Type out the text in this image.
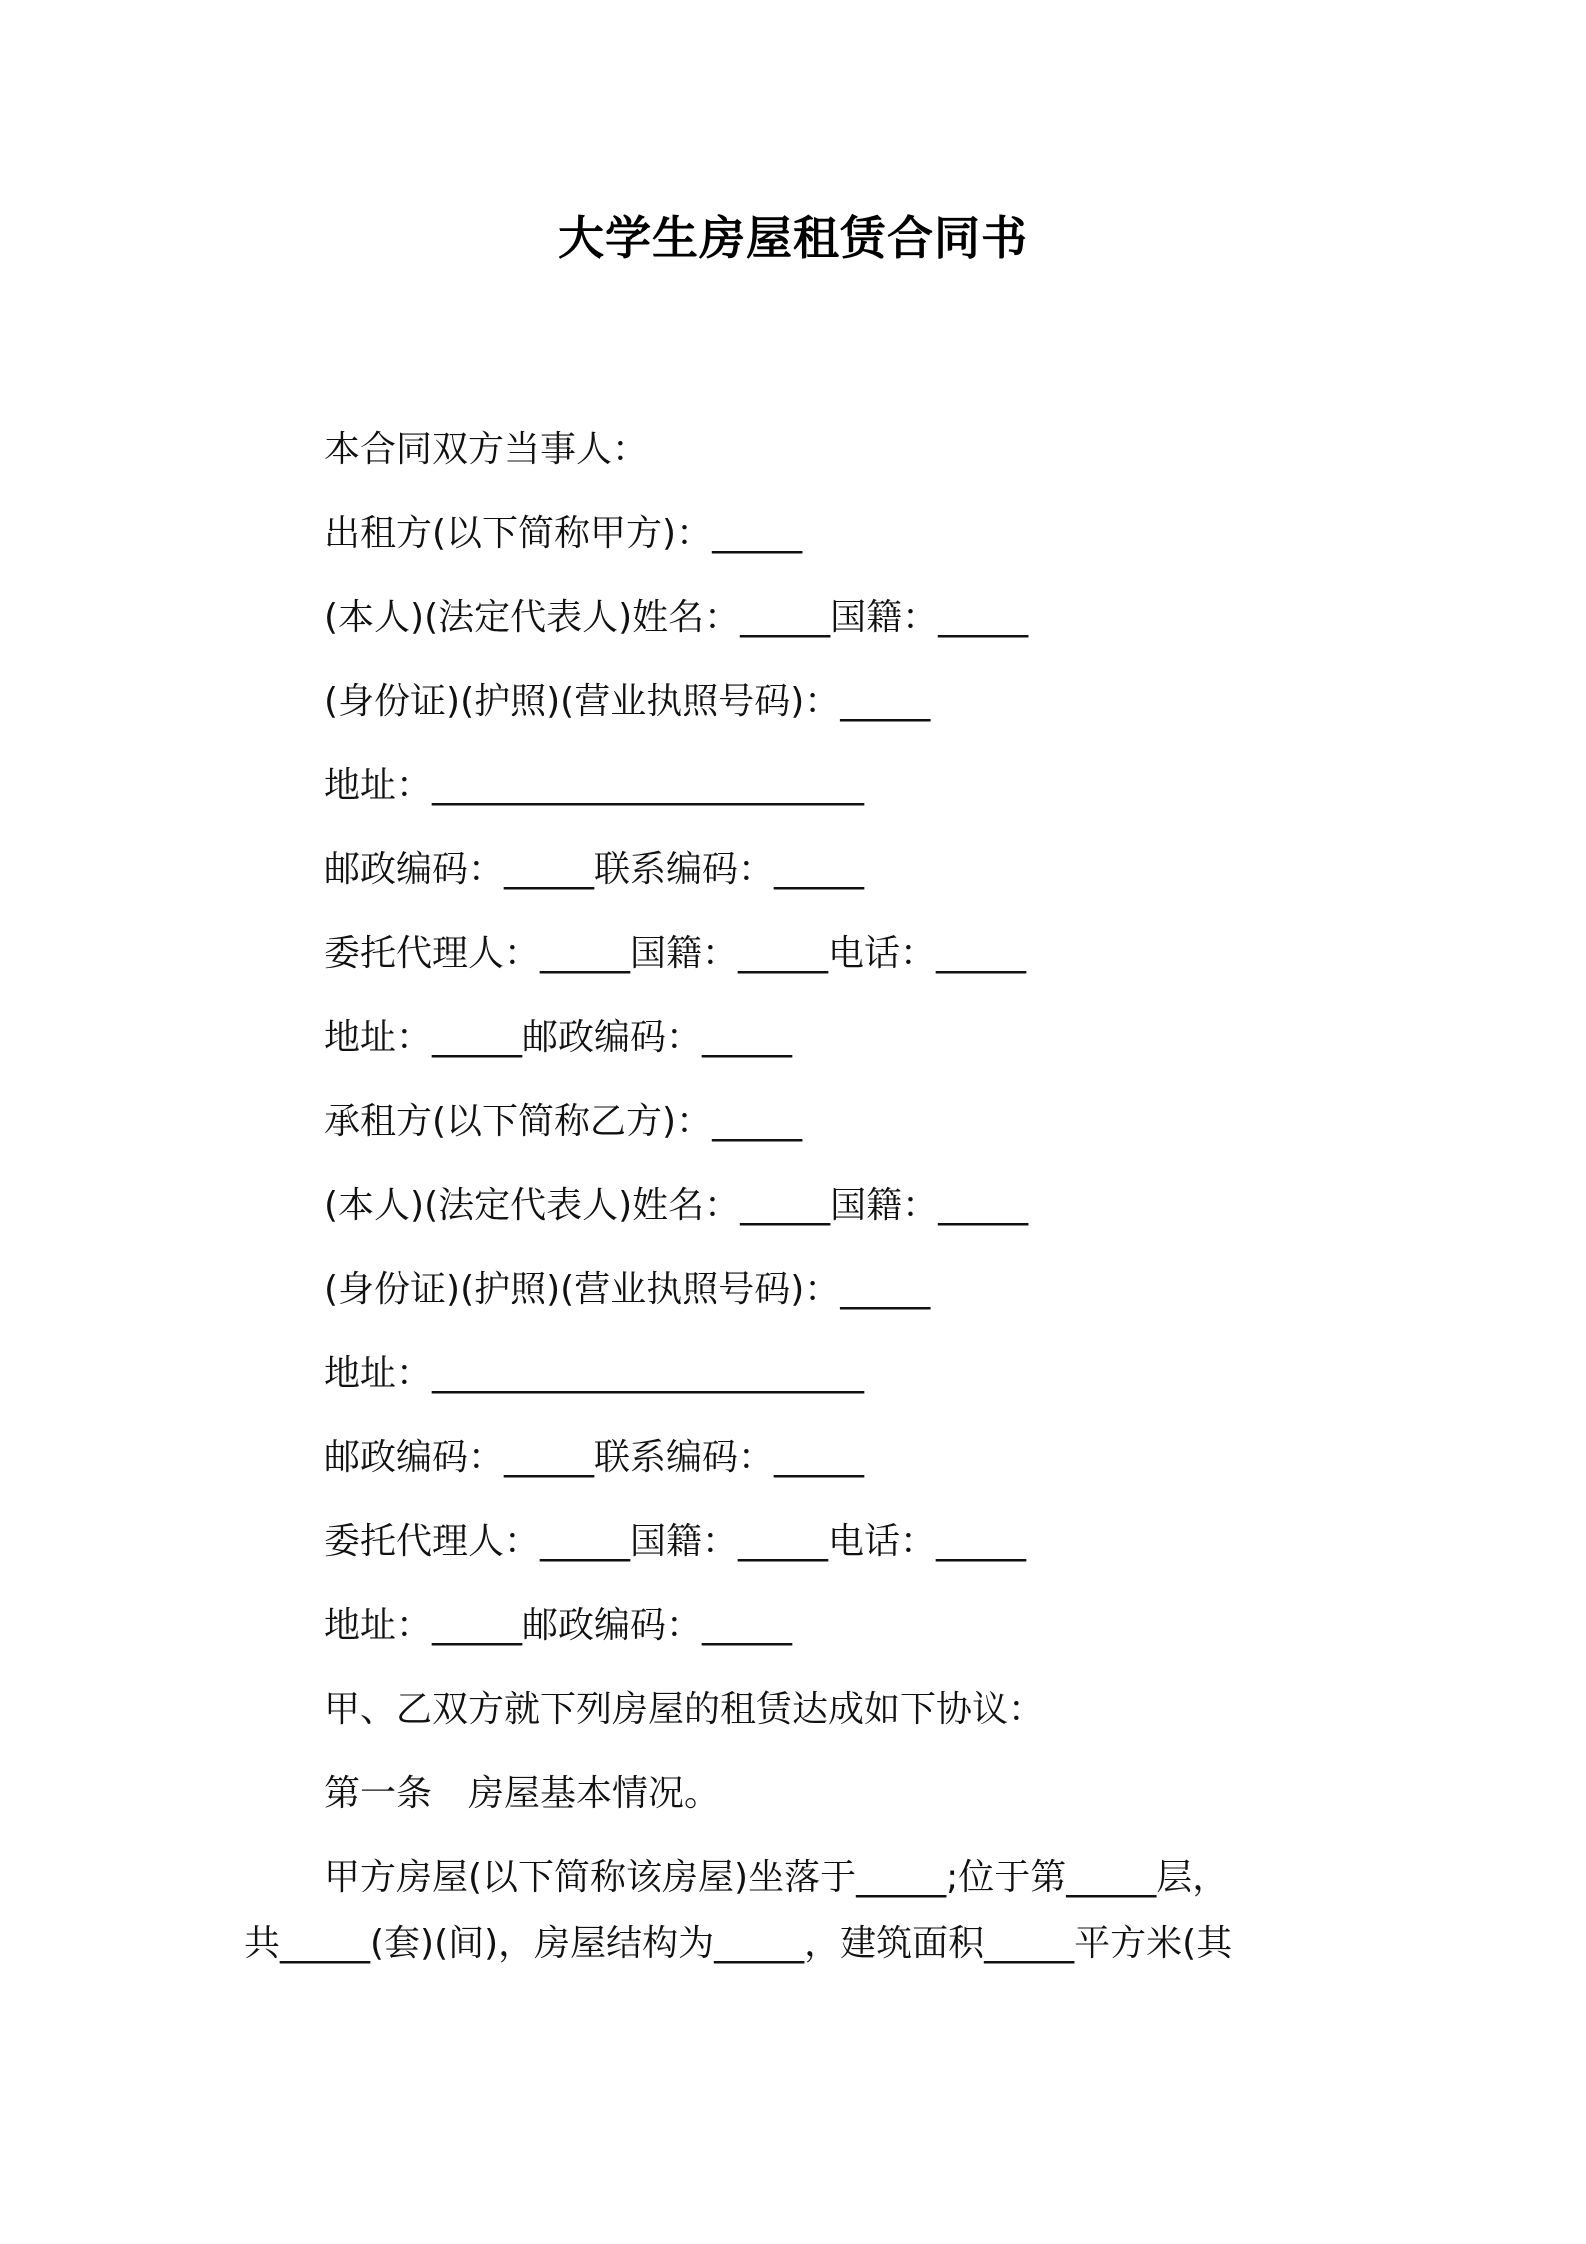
大学生房屋租赁合同书
本合同双方当事人：
出租方(以下简称甲方)：_____
(本人)(法定代表人)姓名：_____国籍：_____
(身份证)(护照)(营业执照号码)：_____
地址：________________________
邮政编码：_____联系编码：_____
委托代理人：_____国籍：_____电话：_____
地址：_____邮政编码：_____
承租方(以下简称乙方)：_____
(本人)(法定代表人)姓名：_____国籍：_____
(身份证)(护照)(营业执照号码)：_____
地址：________________________
邮政编码：_____联系编码：_____
委托代理人：_____国籍：_____电话：_____
地址：_____邮政编码：_____
甲、乙双方就下列房屋的租赁达成如下协议：
第一条　房屋基本情况。
甲方房屋(以下简称该房屋)坐落于_____;位于第_____层，
共_____(套)(间)，房屋结构为_____，建筑面积_____平方米(其
